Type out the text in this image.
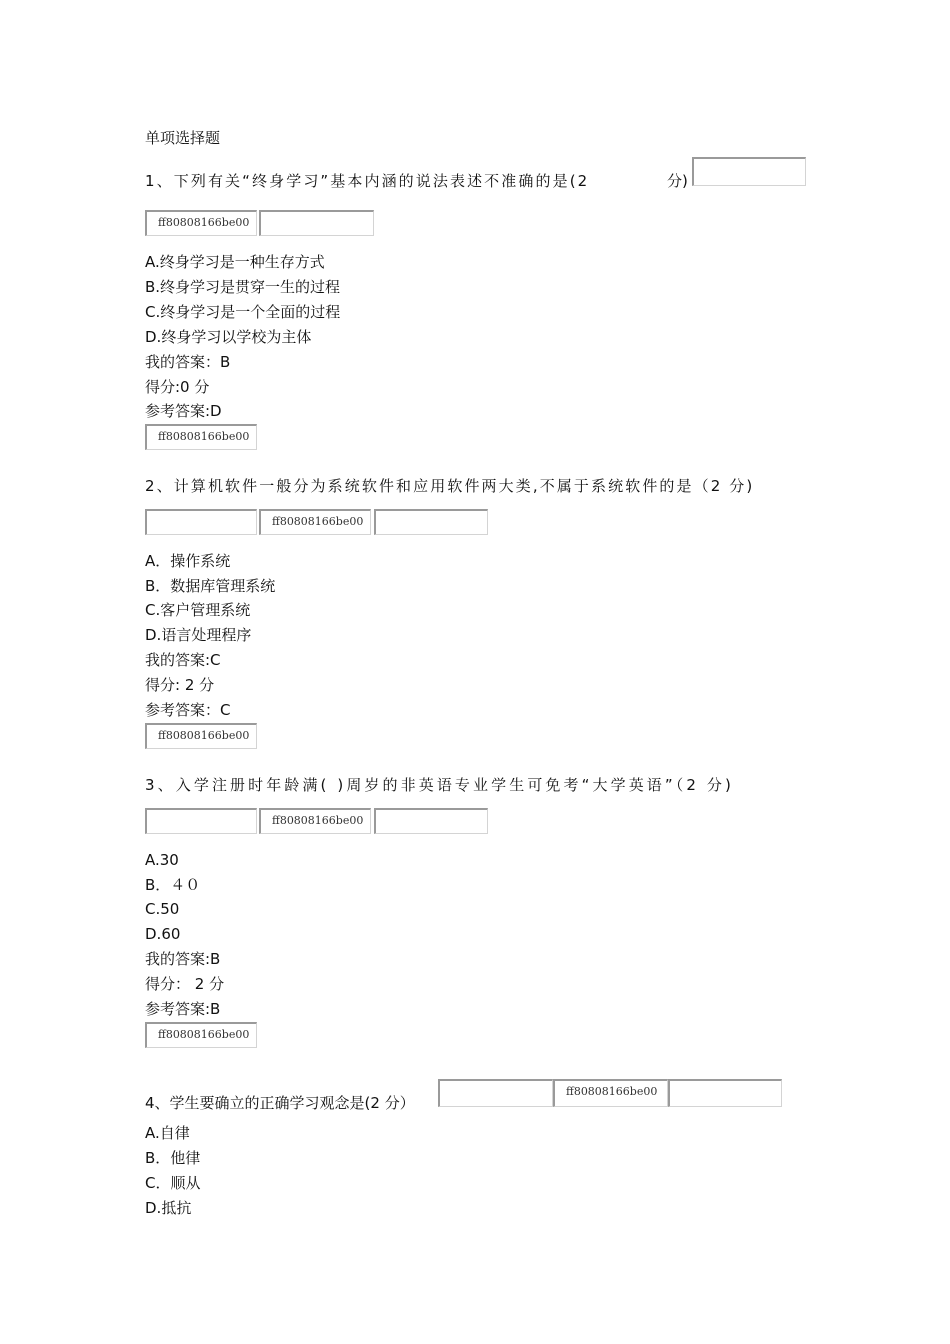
单项选择题
1、下列有关“终身学习”基本内涵的说法表述不准确的是(2	分)
ff80808166be00
A.终身学习是一种生存方式
B.终身学习是贯穿一生的过程
C.终身学习是一个全面的过程
D.终身学习以学校为主体
我的答案：B
得分:0 分
参考答案:D
ff80808166be00
2、计算机软件一般分为系统软件和应用软件两大类,不属于系统软件的是（2 分)
ff80808166be00
A．操作系统
B．数据库管理系统
C.客户管理系统
D.语言处理程序
我的答案:C
得分: 2 分
参考答案：C
ff80808166be00
3、入学注册时年龄满( )周岁的非英语专业学生可免考“大学英语”（2 分)
ff80808166be00
A.30
B．４０
C.50
D.60
我的答案:B
得分： 2 分
参考答案:B
ff80808166be00
4、学生要确立的正确学习观念是(2 分）
ff80808166be00
A.自律
B．他律
C．顺从
D.抵抗
